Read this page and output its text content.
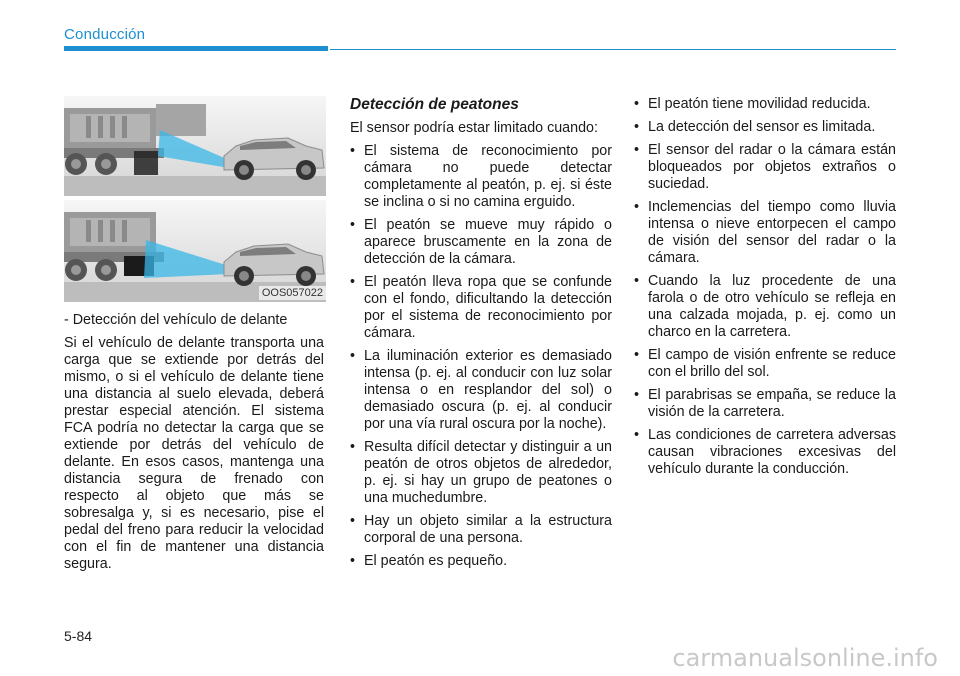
Conducción
OOS057022

- Detección del vehículo de delante

Si el vehículo de delante transporta una carga que se extiende por detrás del mismo, o si el vehículo de delante tiene una distancia al suelo elevada, deberá prestar especial atención. El sistema FCA podría no detectar la carga que se extiende por detrás del vehículo de delante. En esos casos, mantenga una distancia segura de frenado con respecto al objeto que más se sobresalga y, si es necesario, pise el pedal del freno para reducir la velocidad con el fin de mantener una distancia segura.

Detección de peatones

El sensor podría estar limitado cuando:

• El sistema de reconocimiento por cámara no puede detectar completamente al peatón, p. ej. si éste se inclina o si no camina erguido.
• El peatón se mueve muy rápido o aparece bruscamente en la zona de detección de la cámara.
• El peatón lleva ropa que se confunde con el fondo, dificultando la detección por el sistema de reconocimiento por cámara.
• La iluminación exterior es demasiado intensa (p. ej. al conducir con luz solar intensa o en resplandor del sol) o demasiado oscura (p. ej. al conducir por una vía rural oscura por la noche).
• Resulta difícil detectar y distinguir a un peatón de otros objetos de alrededor, p. ej. si hay un grupo de peatones o una muchedumbre.
• Hay un objeto similar a la estructura corporal de una persona.
• El peatón es pequeño.
• El peatón tiene movilidad reducida.
• La detección del sensor es limitada.
• El sensor del radar o la cámara están bloqueados por objetos extraños o suciedad.
• Inclemencias del tiempo como lluvia intensa o nieve entorpecen el campo de visión del sensor del radar o la cámara.
• Cuando la luz procedente de una farola o de otro vehículo se refleja en una calzada mojada, p. ej. como un charco en la carretera.
• El campo de visión enfrente se reduce con el brillo del sol.
• El parabrisas se empaña, se reduce la visión de la carretera.
• Las condiciones de carretera adversas causan vibraciones excesivas del vehículo durante la conducción.
5-84
carmanualsonline.info
